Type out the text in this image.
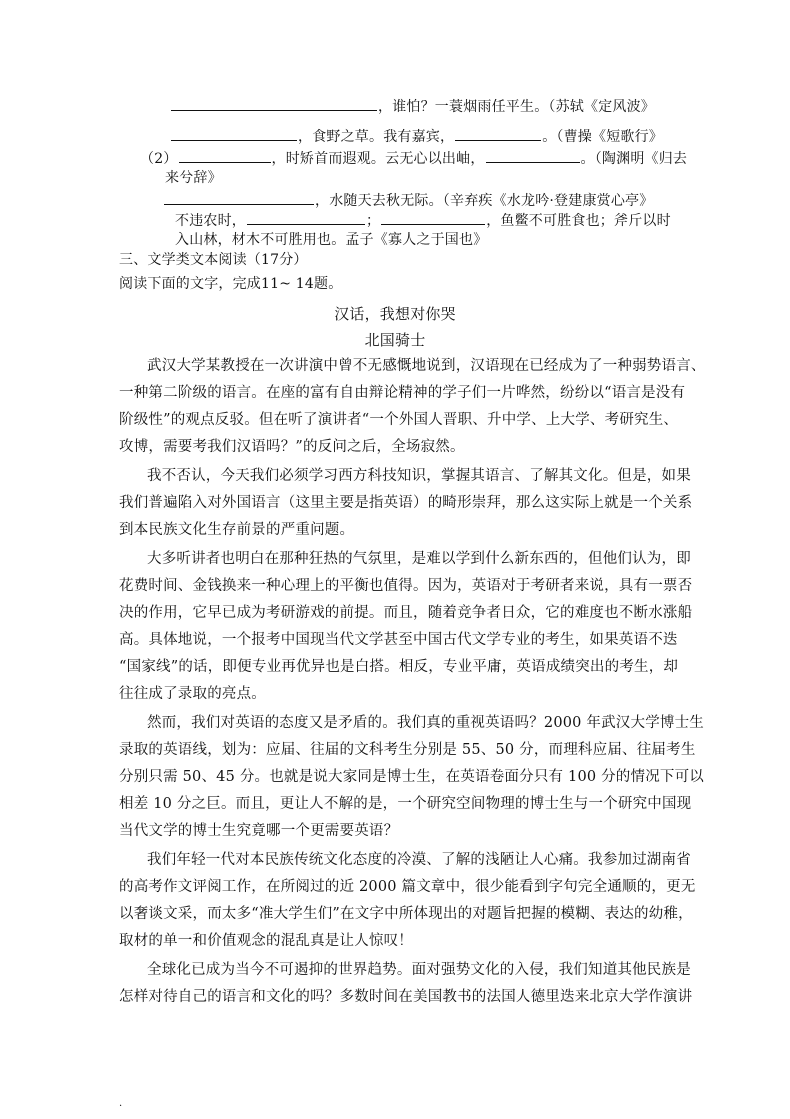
，谁怕？一蓑烟雨任平生。（苏轼《定风波》
，食野之草。我有嘉宾，	。（曹操《短歌行》
（2）	，时矫首而遐观。云无心以出岫，	。（陶渊明《归去
来兮辞》
，水随天去秋无际。（辛弃疾《水龙吟·登建康赏心亭》
不违农时，	；	，鱼鳖不可胜食也；斧斤以时
入山林，材木不可胜用也。孟子《寡人之于国也》
三、文学类文本阅读（17分）
阅读下面的文字，完成11~ 14题。
汉话，我想对你哭
北国骑士
武汉大学某教授在一次讲演中曾不无感慨地说到，汉语现在已经成为了一种弱势语言、
一种第二阶级的语言。在座的富有自由辩论精神的学子们一片哗然，纷纷以“语言是没有
阶级性”的观点反驳。但在听了演讲者“一个外国人晋职、升中学、上大学、考研究生、
攻博，需要考我们汉语吗？”的反问之后，全场寂然。
我不否认，今天我们必须学习西方科技知识，掌握其语言、了解其文化。但是，如果
我们普遍陷入对外国语言（这里主要是指英语）的畸形崇拜，那么这实际上就是一个关系
到本民族文化生存前景的严重问题。
大多听讲者也明白在那种狂热的气氛里，是难以学到什么新东西的，但他们认为，即
花费时间、金钱换来一种心理上的平衡也值得。因为，英语对于考研者来说，具有一票否
决的作用，它早已成为考研游戏的前提。而且，随着竞争者日众，它的难度也不断水涨船
高。具体地说，一个报考中国现当代文学甚至中国古代文学专业的考生，如果英语不迭
“国家线”的话，即便专业再优异也是白搭。相反，专业平庸，英语成绩突出的考生，却
往往成了录取的亮点。
然而，我们对英语的态度又是矛盾的。我们真的重视英语吗？2000 年武汉大学博士生
录取的英语线，划为：应届、往届的文科考生分别是 55、50 分，而理科应届、往届考生
分别只需 50、45 分。也就是说大家同是博士生，在英语卷面分只有 100 分的情况下可以
相差 10 分之巨。而且，更让人不解的是，一个研究空间物理的博士生与一个研究中国现
当代文学的博士生究竟哪一个更需要英语？
我们年轻一代对本民族传统文化态度的冷漠、了解的浅陋让人心痛。我参加过湖南省
的高考作文评阅工作，在所阅过的近 2000 篇文章中，很少能看到字句完全通顺的，更无
以奢谈文采，而太多“准大学生们”在文字中所体现出的对题旨把握的模糊、表达的幼稚，
取材的单一和价值观念的混乱真是让人惊叹！
全球化已成为当今不可遏抑的世界趋势。面对强势文化的入侵，我们知道其他民族是
怎样对待自己的语言和文化的吗？多数时间在美国教书的法国人德里迭来北京大学作演讲
.
